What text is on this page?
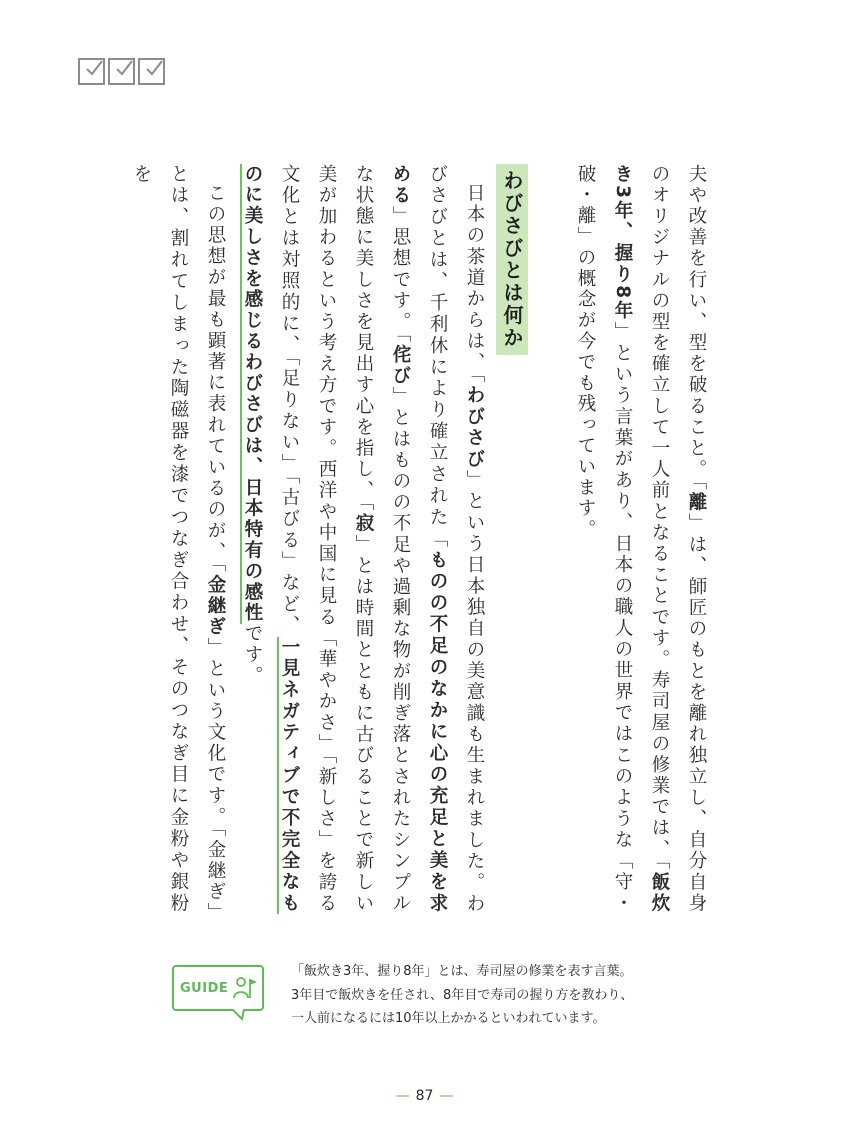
夫や改善を行い、型を破ること。「離」は、師匠のもとを離れ独立し、自分自身のオリジナルの型を確立して一人前となることです。寿司屋の修業では、「飯炊き3年、握り8年」という言葉があり、日本の職人の世界ではこのような「守・破・離」の概念が今でも残っています。

わびさびとは何か

日本の茶道からは、「わびさび」という日本独自の美意識も生まれました。わびさびとは、千利休により確立された「ものの不足のなかに心の充足と美を求める」思想です。「侘び」とはものの不足や過剰な物が削ぎ落とされたシンプルな状態に美しさを見出す心を指し、「寂」とは時間とともに古びることで新しい美が加わるという考え方です。西洋や中国に見る「華やかさ」「新しさ」を誇る文化とは対照的に、「足りない」「古びる」など、一見ネガティブで不完全なものに美しさを感じるわびさびは、日本特有の感性です。

この思想が最も顕著に表れているのが、「金継ぎ」という文化です。「金継ぎ」とは、割れてしまった陶磁器を漆でつなぎ合わせ、そのつなぎ目に金粉や銀粉を

GUIDE
「飯炊き3年、握り8年」とは、寿司屋の修業を表す言葉。
3年目で飯炊きを任され、8年目で寿司の握り方を教わり、
一人前になるには10年以上かかるといわれています。
— 87 —
